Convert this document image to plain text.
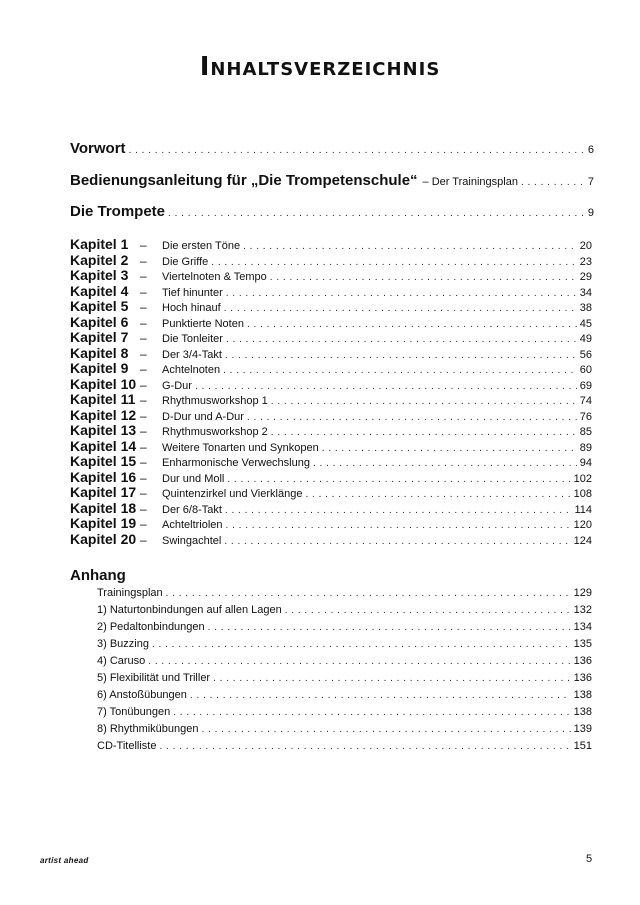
Inhaltsverzeichnis
Vorwort . . .	6
Bedienungsanleitung für „Die Trompetenschule“ – Der Trainingsplan . . .	7
Die Trompete . . .	9
Kapitel 1 –	Die ersten Töne . . .	20
Kapitel 2 –	Die Griffe . . .	23
Kapitel 3 –	Viertelnoten & Tempo . . .	29
Kapitel 4 –	Tief hinunter . . .	34
Kapitel 5 –	Hoch hinauf . . .	38
Kapitel 6 –	Punktierte Noten . . .	45
Kapitel 7 –	Die Tonleiter . . .	49
Kapitel 8 –	Der 3/4-Takt . . .	56
Kapitel 9 –	Achtelnoten . . .	60
Kapitel 10 –	G-Dur . . .	69
Kapitel 11 –	Rhythmusworkshop 1 . . .	74
Kapitel 12 –	D-Dur und A-Dur . . .	76
Kapitel 13 –	Rhythmusworkshop 2 . . .	85
Kapitel 14 –	Weitere Tonarten und Synkopen . . .	89
Kapitel 15 –	Enharmonische Verwechslung . . .	94
Kapitel 16 –	Dur und Moll . . .	102
Kapitel 17 –	Quintenzirkel und Vierklänge . . .	108
Kapitel 18 –	Der 6/8-Takt . . .	114
Kapitel 19 –	Achteltriolen . . .	120
Kapitel 20 –	Swingachtel . . .	124
Anhang
Trainingsplan . . .	129
1) Naturtonbindungen auf allen Lagen . . .	132
2) Pedaltonbindungen . . .	134
3) Buzzing . . .	135
4) Caruso . . .	136
5) Flexibilität und Triller . . .	136
6) Anstoßübungen . . .	138
7) Tonübungen . . .	138
8) Rhythmikübungen . . .	139
CD-Titelliste . . .	151
artist ahead	5
